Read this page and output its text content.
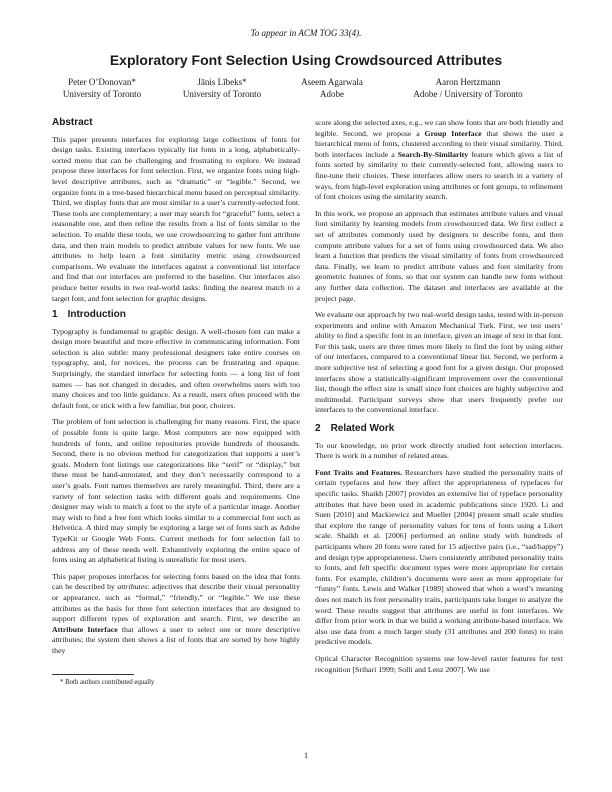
To appear in ACM TOG 33(4).
Exploratory Font Selection Using Crowdsourced Attributes
Peter O’Donovan*
University of Toronto
Jānis Lībeks*
University of Toronto
Aseem Agarwala
Adobe
Aaron Hertzmann
Adobe / University of Toronto
Abstract

This paper presents interfaces for exploring large collections of fonts for design tasks. Existing interfaces typically list fonts in a long, alphabetically-sorted menu that can be challenging and frustrating to explore. We instead propose three interfaces for font selection. First, we organize fonts using high-level descriptive attributes, such as “dramatic” or “legible.” Second, we organize fonts in a tree-based hierarchical menu based on perceptual similarity. Third, we display fonts that are most similar to a user’s currently-selected font. These tools are complementary; a user may search for “graceful” fonts, select a reasonable one, and then refine the results from a list of fonts similar to the selection. To enable these tools, we use crowdsourcing to gather font attribute data, and then train models to predict attribute values for new fonts. We use attributes to help learn a font similarity metric using crowdsourced comparisons. We evaluate the interfaces against a conventional list interface and find that our interfaces are preferred to the baseline. Our interfaces also produce better results in two real-world tasks: finding the nearest match to a target font, and font selection for graphic designs.

1 Introduction

Typography is fundamental to graphic design. A well-chosen font can make a design more beautiful and more effective in communicating information. Font selection is also subtle: many professional designers take entire courses on typography, and, for novices, the process can be frustrating and opaque. Surprisingly, the standard interface for selecting fonts — a long list of font names — has not changed in decades, and often overwhelms users with too many choices and too little guidance. As a result, users often proceed with the default font, or stick with a few familiar, but poor, choices.

The problem of font selection is challenging for many reasons. First, the space of possible fonts is quite large. Most computers are now equipped with hundreds of fonts, and online repositories provide hundreds of thousands. Second, there is no obvious method for categorization that supports a user’s goals. Modern font listings use categorizations like “serif” or “display,” but these must be hand-annotated, and they don’t necessarily correspond to a user’s goals. Font names themselves are rarely meaningful. Third, there are a variety of font selection tasks with different goals and requirements. One designer may wish to match a font to the style of a particular image. Another may wish to find a free font which looks similar to a commercial font such as Helvetica. A third may simply be exploring a large set of fonts such as Adobe TypeKit or Google Web Fonts. Current methods for font selection fail to address any of these needs well. Exhaustively exploring the entire space of fonts using an alphabetical listing is unrealistic for most users.

This paper proposes interfaces for selecting fonts based on the idea that fonts can be described by attributes: adjectives that describe their visual personality or appearance, such as “formal,” “friendly,” or “legible.” We use these attributes as the basis for three font selection interfaces that are designed to support different types of exploration and search. First, we describe an Attribute Interface that allows a user to select one or more descriptive attributes; the system then shows a list of fonts that are sorted by how highly they
score along the selected axes, e.g., we can show fonts that are both friendly and legible. Second, we propose a Group Interface that shows the user a hierarchical menu of fonts, clustered according to their visual similarity. Third, both interfaces include a Search-By-Similarity feature which gives a list of fonts sorted by similarity to their currently-selected font, allowing users to fine-tune their choices. These interfaces allow users to search in a variety of ways, from high-level exploration using attributes or font groups, to refinement of font choices using the similarity search.

In this work, we propose an approach that estimates attribute values and visual font similarity by learning models from crowdsourced data. We first collect a set of attributes commonly used by designers to describe fonts, and then compute attribute values for a set of fonts using crowdsourced data. We also learn a function that predicts the visual similarity of fonts from crowdsourced data. Finally, we learn to predict attribute values and font similarity from geometric features of fonts, so that our system can handle new fonts without any further data collection. The dataset and interfaces are available at the project page.

We evaluate our approach by two real-world design tasks, tested with in-person experiments and online with Amazon Mechanical Turk. First, we test users’ ability to find a specific font in an interface, given an image of text in that font. For this task, users are three times more likely to find the font by using either of our interfaces, compared to a conventional linear list. Second, we perform a more subjective test of selecting a good font for a given design. Our proposed interfaces show a statistically-significant improvement over the conventional list, though the effect size is small since font choices are highly subjective and multimodal. Participant surveys show that users frequently prefer our interfaces to the conventional interface.

2 Related Work

To our knowledge, no prior work directly studied font selection interfaces. There is work in a number of related areas.

Font Traits and Features. Researchers have studied the personality traits of certain typefaces and how they affect the appropriateness of typefaces for specific tasks. Shaikh [2007] provides an extensive list of typeface personality attributes that have been used in academic publications since 1920. Li and Suen [2010] and Mackiewicz and Moeller [2004] present small scale studies that explore the range of personality values for tens of fonts using a Likert scale. Shaikh et al. [2006] performed an online study with hundreds of participants where 20 fonts were rated for 15 adjective pairs (i.e., “sad/happy”) and design type appropriateness. Users consistently attributed personality traits to fonts, and felt specific document types were more appropriate for certain fonts. For example, children’s documents were seen as more appropriate for “funny” fonts. Lewis and Walker [1989] showed that when a word’s meaning does not match its font personality traits, participants take longer to analyze the word. These results suggest that attributes are useful in font interfaces. We differ from prior work in that we build a working attribute-based interface. We also use data from a much larger study (31 attributes and 200 fonts) to train predictive models.

Optical Character Recognition systems use low-level raster features for text recognition [Srihari 1999; Solli and Lenz 2007]. We use

* Both authors contributed equally
1
